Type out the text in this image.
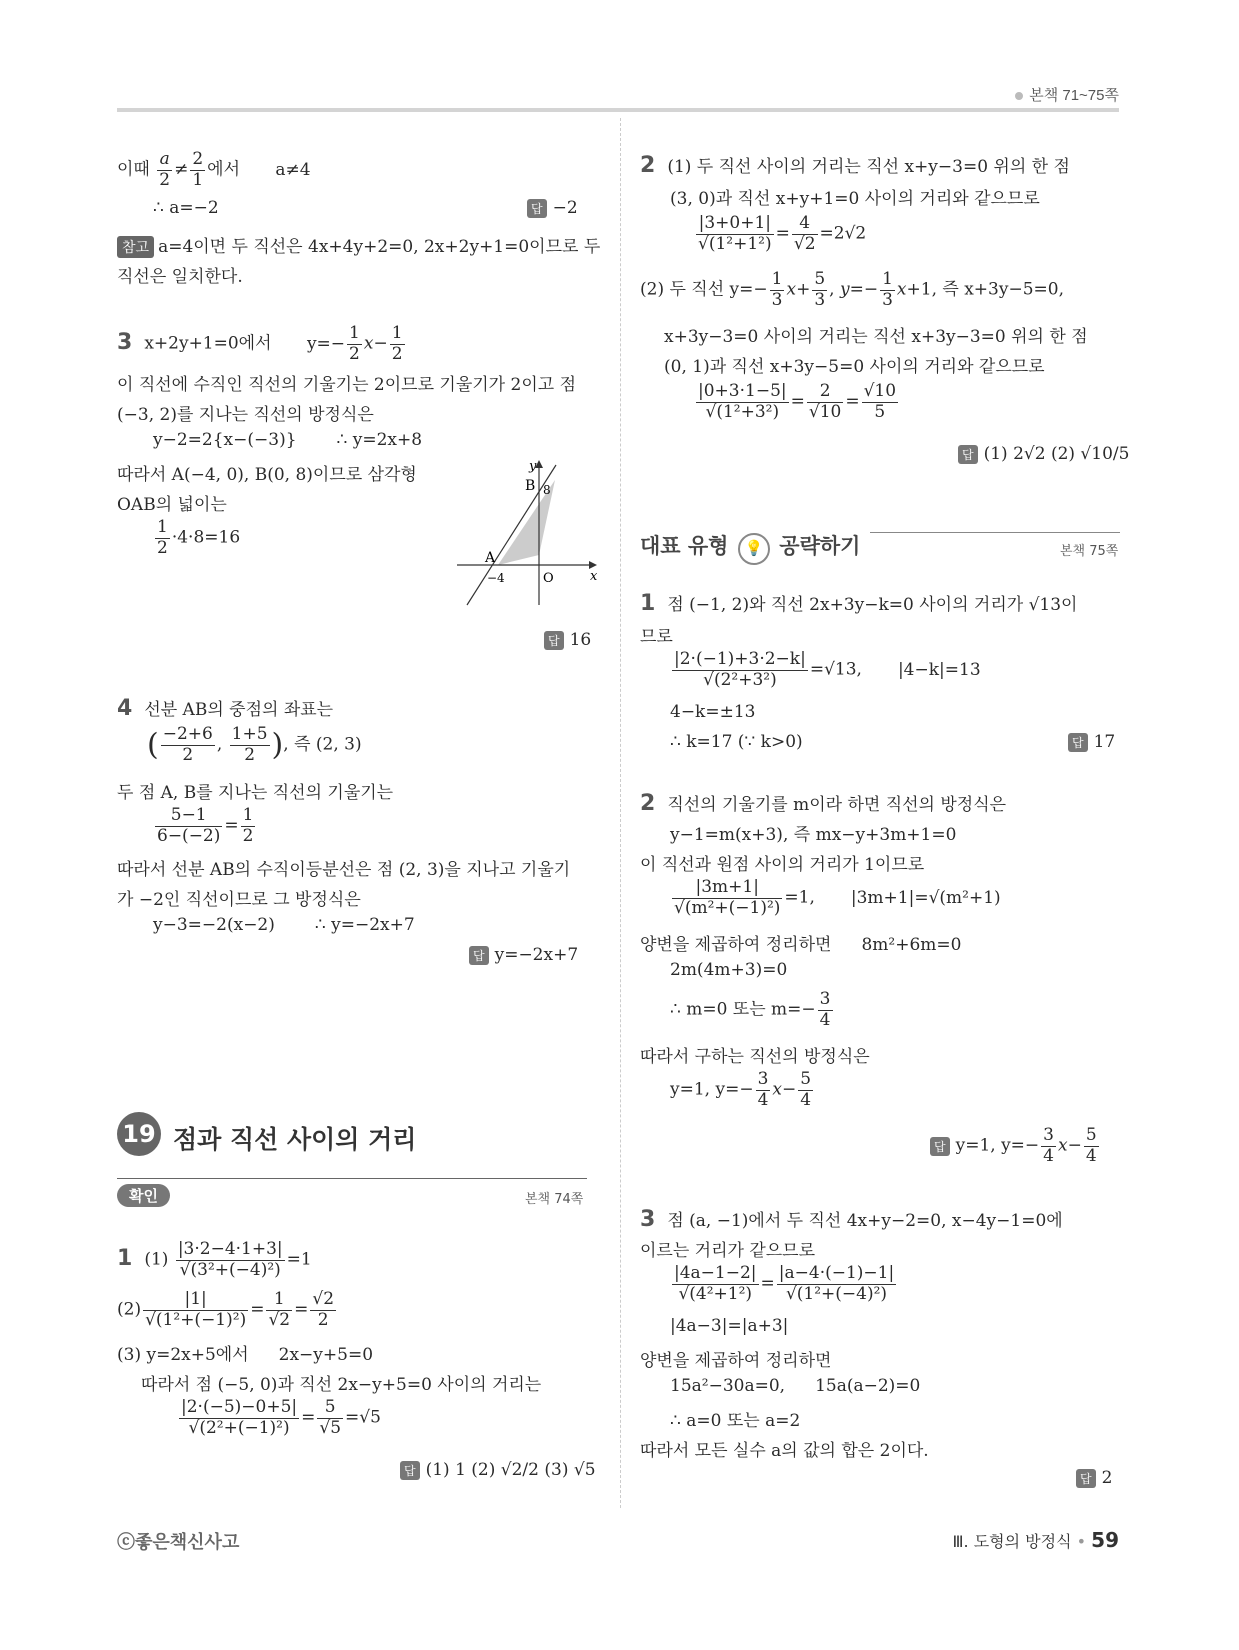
본책 71~75쪽
이때 $\frac{a}{2} \ne \frac{2}{1}$ 에서 a≠4
∴ a=−2	답 −2
참고 a=4이면 두 직선은 4x+4y+2=0, 2x+2y+1=0이므로 두
직선은 일치한다.
3 x+2y+1=0에서 $y=- \frac{1}{2} x- \frac{1}{2}$
이 직선에 수직인 직선의 기울기는 2이므로 기울기가 2이고 점
(−3, 2)를 지나는 직선의 방정식은
y−2=2{x−(−3)} ∴ y=2x+8
따라서 A(−4, 0), B(0, 8)이므로 삼각형
OAB의 넓이는
$\frac{1}{2} \cdot 4\cdot 8=16$
y
x
B 8
A
−4	O
답 16
4 선분 AB의 중점의 좌표는
( $\frac{-2+6}{2}$ , $\frac{1+5}{2}$ ), 즉 (2, 3)
두 점 A, B를 지나는 직선의 기울기는
$\frac{5-1}{6-(-2)} = \frac{1}{2}$
따라서 선분 AB의 수직이등분선은 점 (2, 3)을 지나고 기울기
가 −2인 직선이므로 그 방정식은
y−3=−2(x−2) ∴ y=−2x+7
답 y=−2x+7
19 점과 직선 사이의 거리
확인	본책 74쪽
1 $(1) \frac{|3\cdot 2-4\cdot 1+3|}{\text{√(3²+(−4)²)}} =1$
$(2) \frac{|1|}{\text{√(1²+(−1)²)}} = \frac{1}{√2} = \frac{√2}{2}$
(3) y=2x+5에서 2x−y+5=0
따라서 점 (−5, 0)과 직선 2x−y+5=0 사이의 거리는
$\frac{|2\cdot(-5)-0+5|}{\text{√(2²+(−1)²)}} = \frac{5}{√5} =√5$
답 (1) 1 (2) √2/2 (3) √5
2 (1) 두 직선 사이의 거리는 직선 x+y−3=0 위의 한 점
(3, 0)과 직선 x+y+1=0 사이의 거리와 같으므로
$\frac{|3+0+1|}{\text{√(1²+1²)}} = \frac{4}{√2} =2√2$
(2) 두 직선 $y=- \frac{1}{3} x+ \frac{5}{3}$ , $y=- \frac{1}{3} x+1$, 즉 x+3y−5=0,
x+3y−3=0 사이의 거리는 직선 x+3y−3=0 위의 한 점
(0, 1)과 직선 x+3y−5=0 사이의 거리와 같으므로
$\frac{|0+3\cdot 1-5|}{\text{√(1²+3²)}} = \frac{2}{√10} = \frac{√10}{5}$
답 (1) 2√2 (2) √10/5
대표 유형 💡 공략하기	본책 75쪽
1 점 (−1, 2)와 직선 2x+3y−k=0 사이의 거리가 √13이
므로
$\frac{|2\cdot(-1)+3\cdot 2-k|}{\text{√(2²+3²)}} =√13$, |4−k|=13
4−k=±13
∴ k=17 (∵ k>0)	답 17
2 직선의 기울기를 m이라 하면 직선의 방정식은
y−1=m(x+3), 즉 mx−y+3m+1=0
이 직선과 원점 사이의 거리가 1이므로
$\frac{|3m+1|}{\text{√(m²+(−1)²)}} =1$, |3m+1|=√(m²+1)
양변을 제곱하여 정리하면 8m²+6m=0
2m(4m+3)=0
∴ m=0 또는 $m=- \frac{3}{4}$
따라서 구하는 직선의 방정식은
y=1, $y=- \frac{3}{4} x- \frac{5}{4}$
답 y=1, $y=- \frac{3}{4} x- \frac{5}{4}$
3 점 (a, −1)에서 두 직선 4x+y−2=0, x−4y−1=0에
이르는 거리가 같으므로
$\frac{|4a-1-2|}{\text{√(4²+1²)}} = \frac{|a-4\cdot(-1)-1|}{\text{√(1²+(−4)²)}}$
|4a−3|=|a+3|
양변을 제곱하여 정리하면
15a²−30a=0, 15a(a−2)=0
∴ a=0 또는 a=2
따라서 모든 실수 a의 값의 합은 2이다.
답 2
ⓒ좋은책신사고	Ⅲ. 도형의 방정식 • 59
